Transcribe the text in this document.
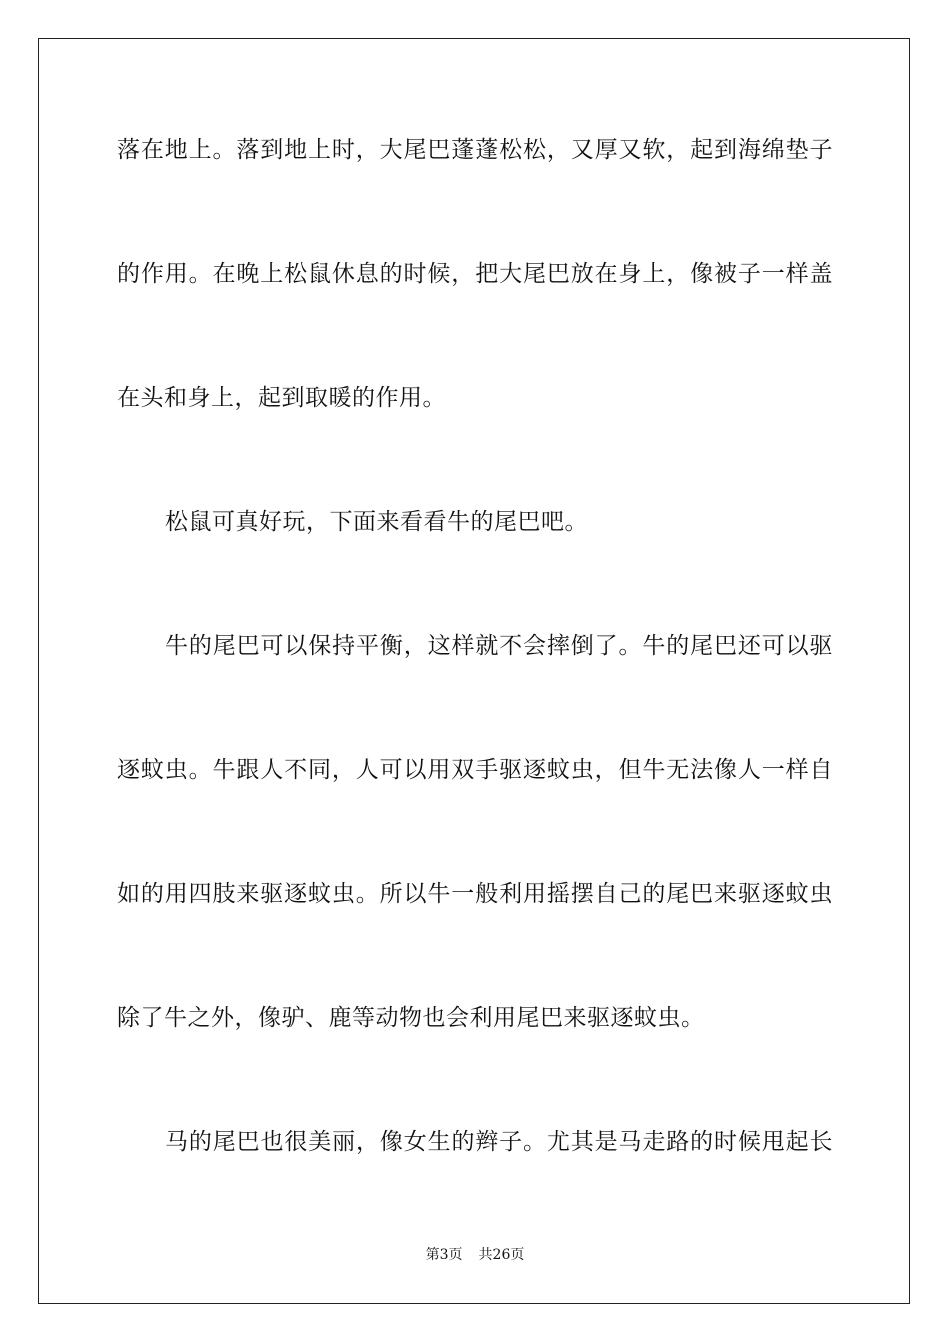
落在地上。落到地上时，大尾巴蓬蓬松松，又厚又软，起到海绵垫子
的作用。在晚上松鼠休息的时候，把大尾巴放在身上，像被子一样盖
在头和身上，起到取暖的作用。
松鼠可真好玩，下面来看看牛的尾巴吧。
牛的尾巴可以保持平衡，这样就不会摔倒了。牛的尾巴还可以驱
逐蚊虫。牛跟人不同，人可以用双手驱逐蚊虫，但牛无法像人一样自
如的用四肢来驱逐蚊虫。所以牛一般利用摇摆自己的尾巴来驱逐蚊虫
除了牛之外，像驴、鹿等动物也会利用尾巴来驱逐蚊虫。
马的尾巴也很美丽，像女生的辫子。尤其是马走路的时候甩起长
第3页 共26页
